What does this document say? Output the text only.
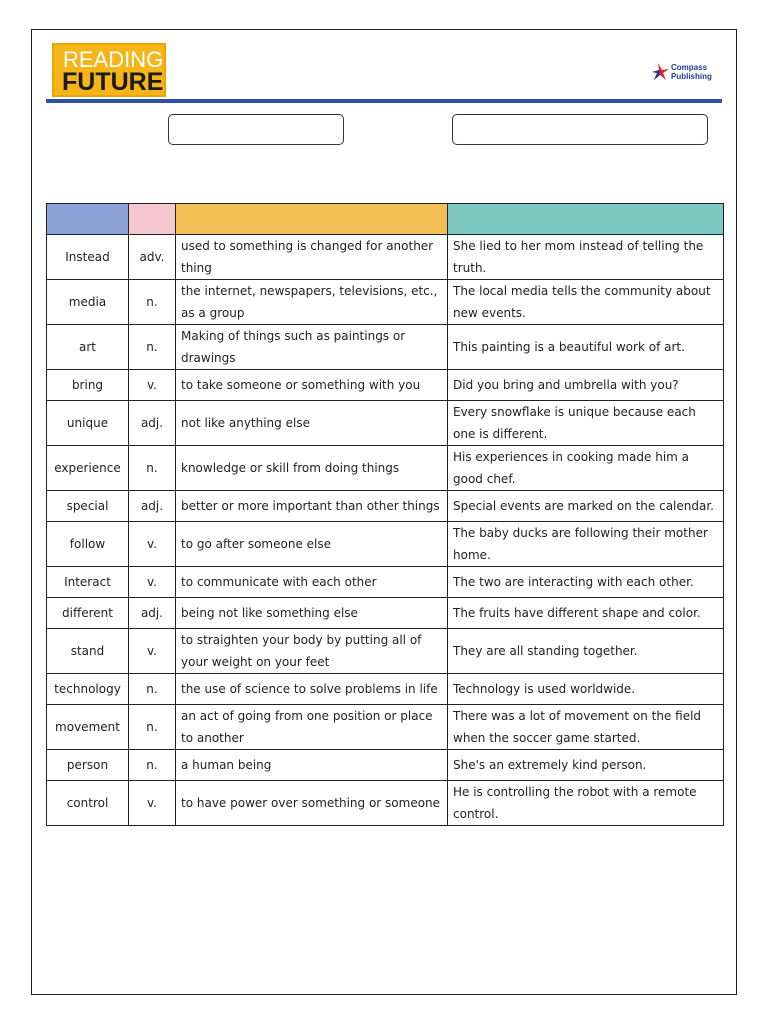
READING
FUTURE
Compass
Publishing

Instead	adv.	used to something is changed for another thing	She lied to her mom instead of telling the truth.
media	n.	the internet, newspapers, televisions, etc., as a group	The local media tells the community about new events.
art	n.	Making of things such as paintings or drawings	This painting is a beautiful work of art.
bring	v.	to take someone or something with you	Did you bring and umbrella with you?
unique	adj.	not like anything else	Every snowflake is unique because each one is different.
experience	n.	knowledge or skill from doing things	His experiences in cooking made him a good chef.
special	adj.	better or more important than other things	Special events are marked on the calendar.
follow	v.	to go after someone else	The baby ducks are following their mother home.
Interact	v.	to communicate with each other	The two are interacting with each other.
different	adj.	being not like something else	The fruits have different shape and color.
stand	v.	to straighten your body by putting all of your weight on your feet	They are all standing together.
technology	n.	the use of science to solve problems in life	Technology is used worldwide.
movement	n.	an act of going from one position or place to another	There was a lot of movement on the field when the soccer game started.
person	n.	a human being	She's an extremely kind person.
control	v.	to have power over something or someone	He is controlling the robot with a remote control.
